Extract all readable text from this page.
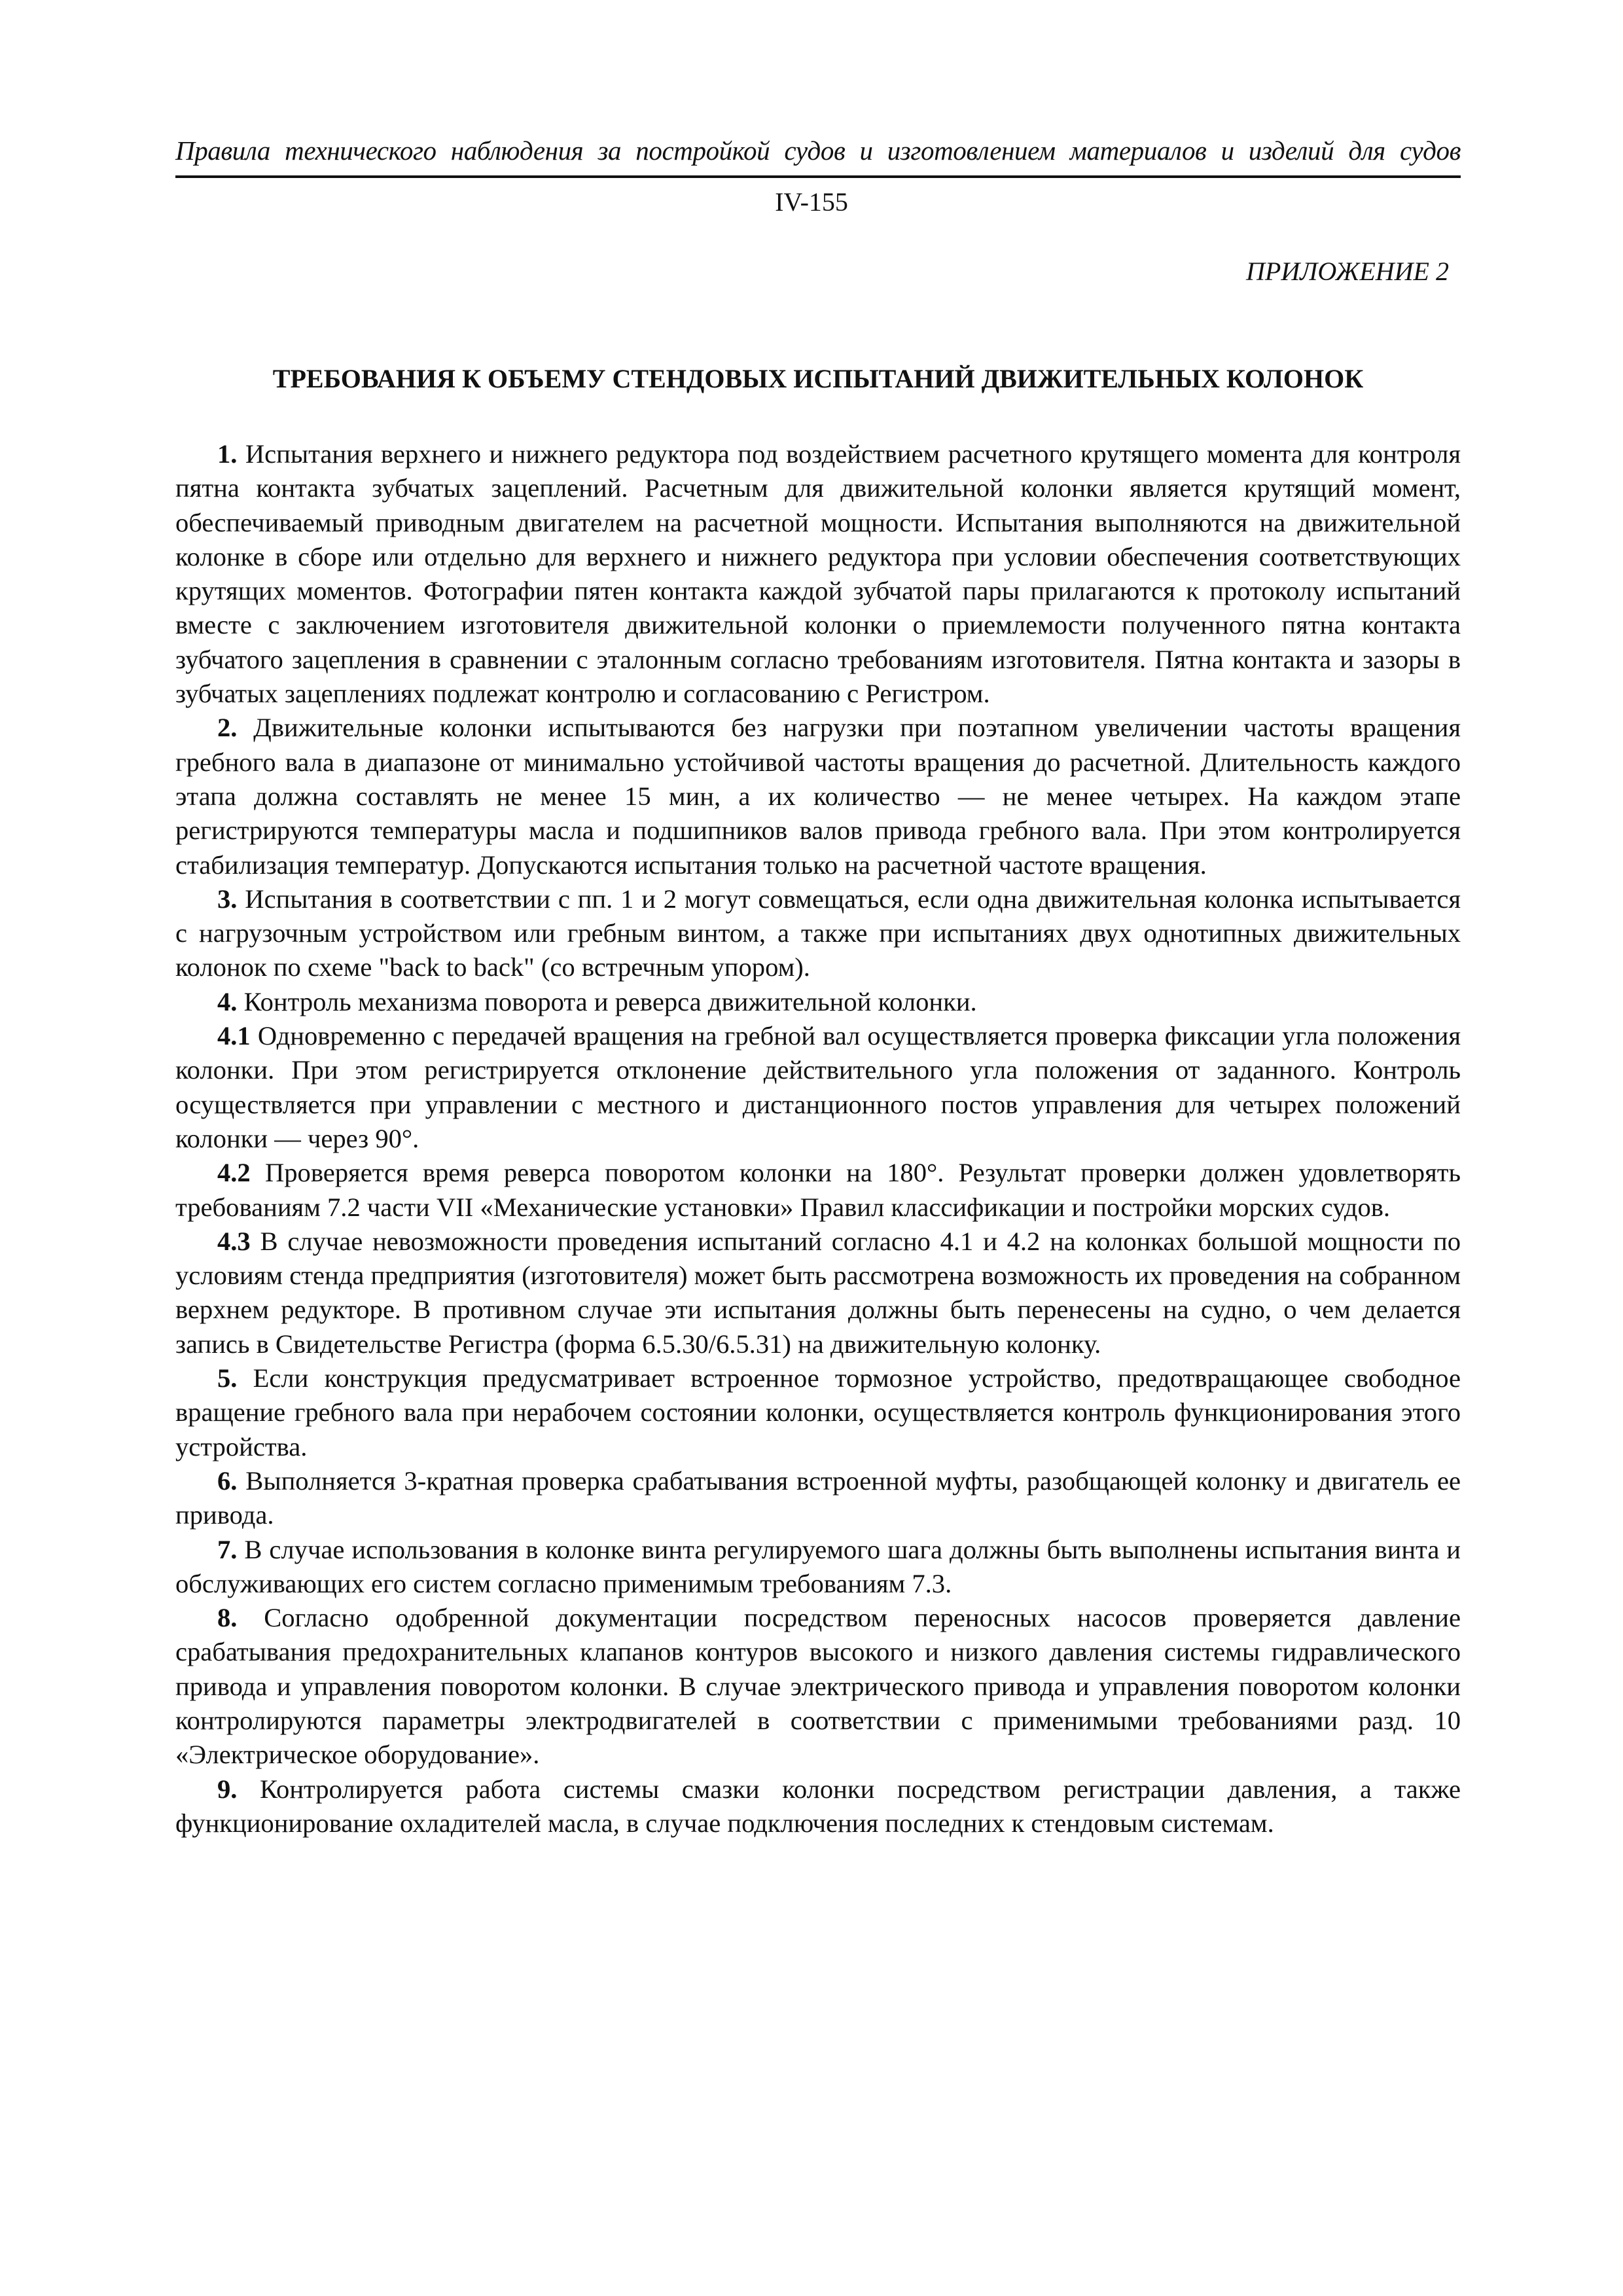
Правила технического наблюдения за постройкой судов и изготовлением материалов и изделий для судов
IV-155
ПРИЛОЖЕНИЕ 2
ТРЕБОВАНИЯ К ОБЪЕМУ СТЕНДОВЫХ ИСПЫТАНИЙ ДВИЖИТЕЛЬНЫХ КОЛОНОК

1. Испытания верхнего и нижнего редуктора под воздействием расчетного крутящего момента для контроля пятна контакта зубчатых зацеплений. Расчетным для движительной колонки является крутящий момент, обеспечиваемый приводным двигателем на расчетной мощности. Испытания выполняются на движительной колонке в сборе или отдельно для верхнего и нижнего редуктора при условии обеспечения соответствующих крутящих моментов. Фотографии пятен контакта каждой зубчатой пары прилагаются к протоколу испытаний вместе с заключением изготовителя движительной колонки о приемлемости полученного пятна контакта зубчатого зацепления в сравнении с эталонным согласно требованиям изготовителя. Пятна контакта и зазоры в зубчатых зацеплениях подлежат контролю и согласованию с Регистром.

2. Движительные колонки испытываются без нагрузки при поэтапном увеличении частоты вращения гребного вала в диапазоне от минимально устойчивой частоты вращения до расчетной. Длительность каждого этапа должна составлять не менее 15 мин, а их количество — не менее четырех. На каждом этапе регистрируются температуры масла и подшипников валов привода гребного вала. При этом контролируется стабилизация температур. Допускаются испытания только на расчетной частоте вращения.

3. Испытания в соответствии с пп. 1 и 2 могут совмещаться, если одна движительная колонка испытывается с нагрузочным устройством или гребным винтом, а также при испытаниях двух однотипных движительных колонок по схеме "back to back" (со встречным упором).

4. Контроль механизма поворота и реверса движительной колонки.

4.1 Одновременно с передачей вращения на гребной вал осуществляется проверка фиксации угла положения колонки. При этом регистрируется отклонение действительного угла положения от заданного. Контроль осуществляется при управлении с местного и дистанционного постов управления для четырех положений колонки — через 90°.

4.2 Проверяется время реверса поворотом колонки на 180°. Результат проверки должен удовлетворять требованиям 7.2 части VII «Механические установки» Правил классификации и постройки морских судов.

4.3 В случае невозможности проведения испытаний согласно 4.1 и 4.2 на колонках большой мощности по условиям стенда предприятия (изготовителя) может быть рассмотрена возможность их проведения на собранном верхнем редукторе. В противном случае эти испытания должны быть перенесены на судно, о чем делается запись в Свидетельстве Регистра (форма 6.5.30/6.5.31) на движительную колонку.

5. Если конструкция предусматривает встроенное тормозное устройство, предотвращающее свободное вращение гребного вала при нерабочем состоянии колонки, осуществляется контроль функционирования этого устройства.

6. Выполняется 3-кратная проверка срабатывания встроенной муфты, разобщающей колонку и двигатель ее привода.

7. В случае использования в колонке винта регулируемого шага должны быть выполнены испытания винта и обслуживающих его систем согласно применимым требованиям 7.3.

8. Согласно одобренной документации посредством переносных насосов проверяется давление срабатывания предохранительных клапанов контуров высокого и низкого давления системы гидравлического привода и управления поворотом колонки. В случае электрического привода и управления поворотом колонки контролируются параметры электродвигателей в соответствии с применимыми требованиями разд. 10 «Электрическое оборудование».

9. Контролируется работа системы смазки колонки посредством регистрации давления, а также функционирование охладителей масла, в случае подключения последних к стендовым системам.
